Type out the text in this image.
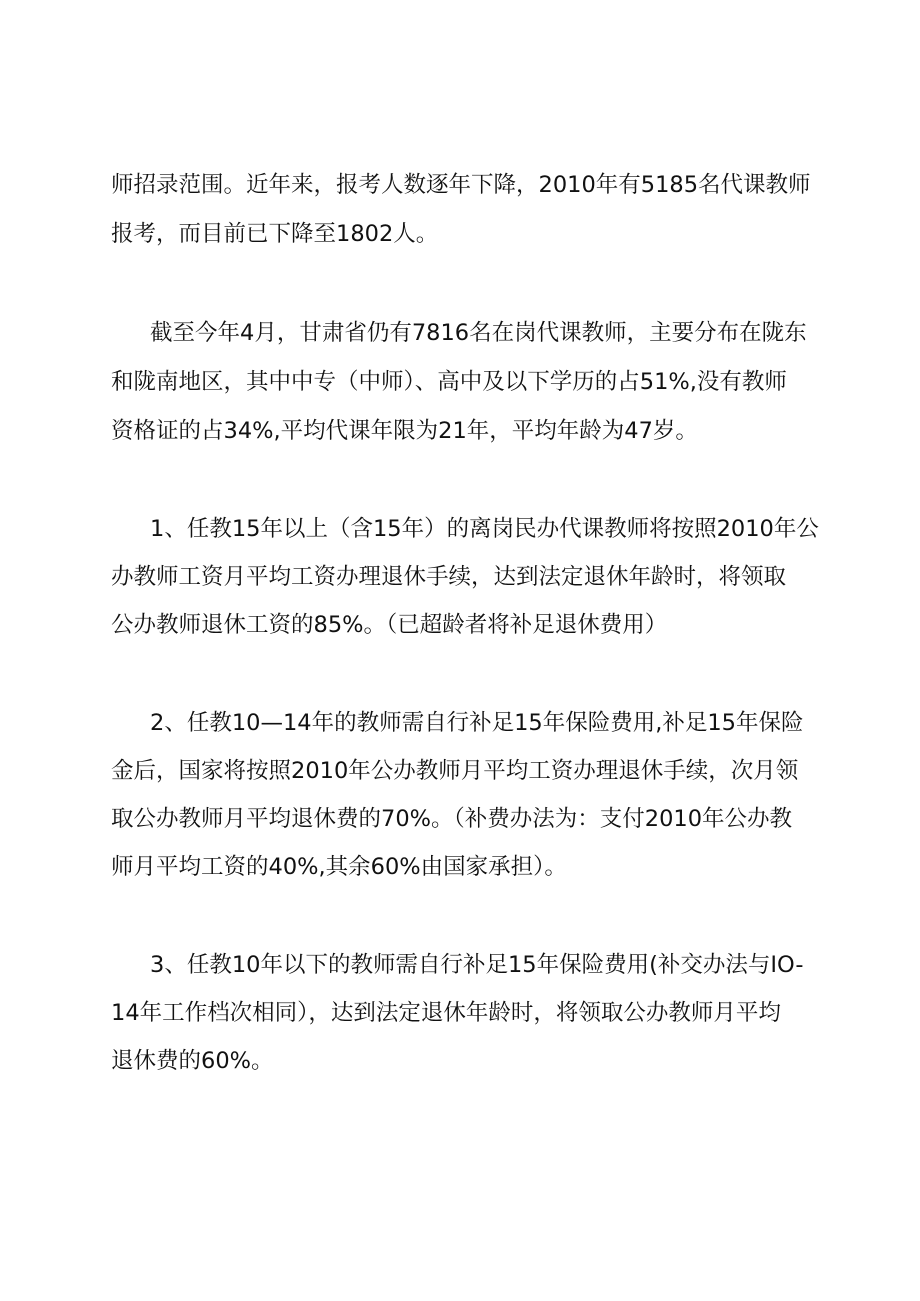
师招录范围。近年来，报考人数逐年下降，2010年有5185名代课教师
报考，而目前已下降至1802人。
截至今年4月，甘肃省仍有7816名在岗代课教师，主要分布在陇东
和陇南地区，其中中专（中师）、高中及以下学历的占51%,没有教师
资格证的占34%,平均代课年限为21年，平均年龄为47岁。
1、任教15年以上（含15年）的离岗民办代课教师将按照2010年公
办教师工资月平均工资办理退休手续，达到法定退休年龄时，将领取
公办教师退休工资的85%。（已超龄者将补足退休费用）
2、任教10—14年的教师需自行补足15年保险费用,补足15年保险
金后，国家将按照2010年公办教师月平均工资办理退休手续，次月领
取公办教师月平均退休费的70%。（补费办法为：支付2010年公办教
师月平均工资的40%,其余60%由国家承担）。
3、任教10年以下的教师需自行补足15年保险费用(补交办法与IO-
14年工作档次相同），达到法定退休年龄时，将领取公办教师月平均
退休费的60%。
